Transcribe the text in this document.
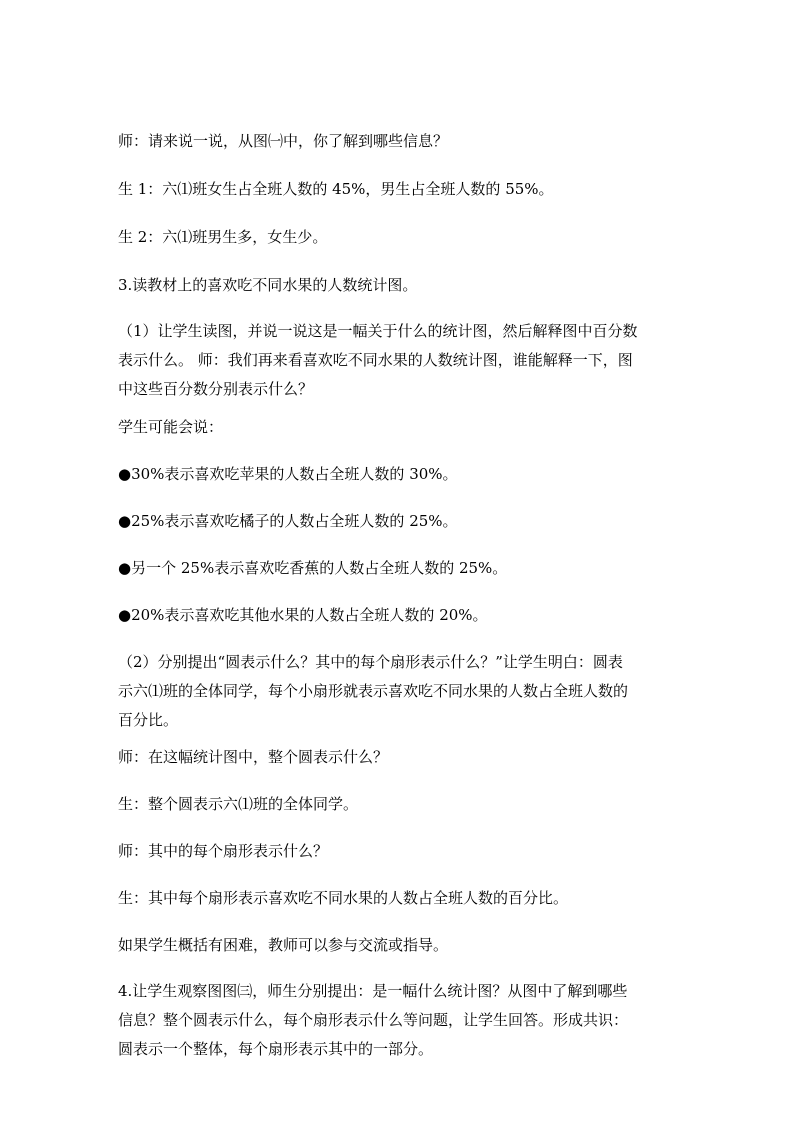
师：请来说一说，从图㈠中，你了解到哪些信息？
生 1：六⑴班女生占全班人数的 45%，男生占全班人数的 55%。
生 2：六⑴班男生多，女生少。
3.读教材上的喜欢吃不同水果的人数统计图。
（1）让学生读图，并说一说这是一幅关于什么的统计图，然后解释图中百分数
表示什么。 师：我们再来看喜欢吃不同水果的人数统计图，谁能解释一下，图
中这些百分数分别表示什么？
学生可能会说：
●30%表示喜欢吃苹果的人数占全班人数的 30%。
●25%表示喜欢吃橘子的人数占全班人数的 25%。
●另一个 25%表示喜欢吃香蕉的人数占全班人数的 25%。
●20%表示喜欢吃其他水果的人数占全班人数的 20%。
（2）分别提出“圆表示什么？其中的每个扇形表示什么？”让学生明白：圆表
示六⑴班的全体同学，每个小扇形就表示喜欢吃不同水果的人数占全班人数的
百分比。
师：在这幅统计图中，整个圆表示什么？
生：整个圆表示六⑴班的全体同学。
师：其中的每个扇形表示什么？
生：其中每个扇形表示喜欢吃不同水果的人数占全班人数的百分比。
如果学生概括有困难，教师可以参与交流或指导。
4.让学生观察图图㈢，师生分别提出：是一幅什么统计图？从图中了解到哪些
信息？整个圆表示什么，每个扇形表示什么等问题，让学生回答。形成共识：
圆表示一个整体，每个扇形表示其中的一部分。
